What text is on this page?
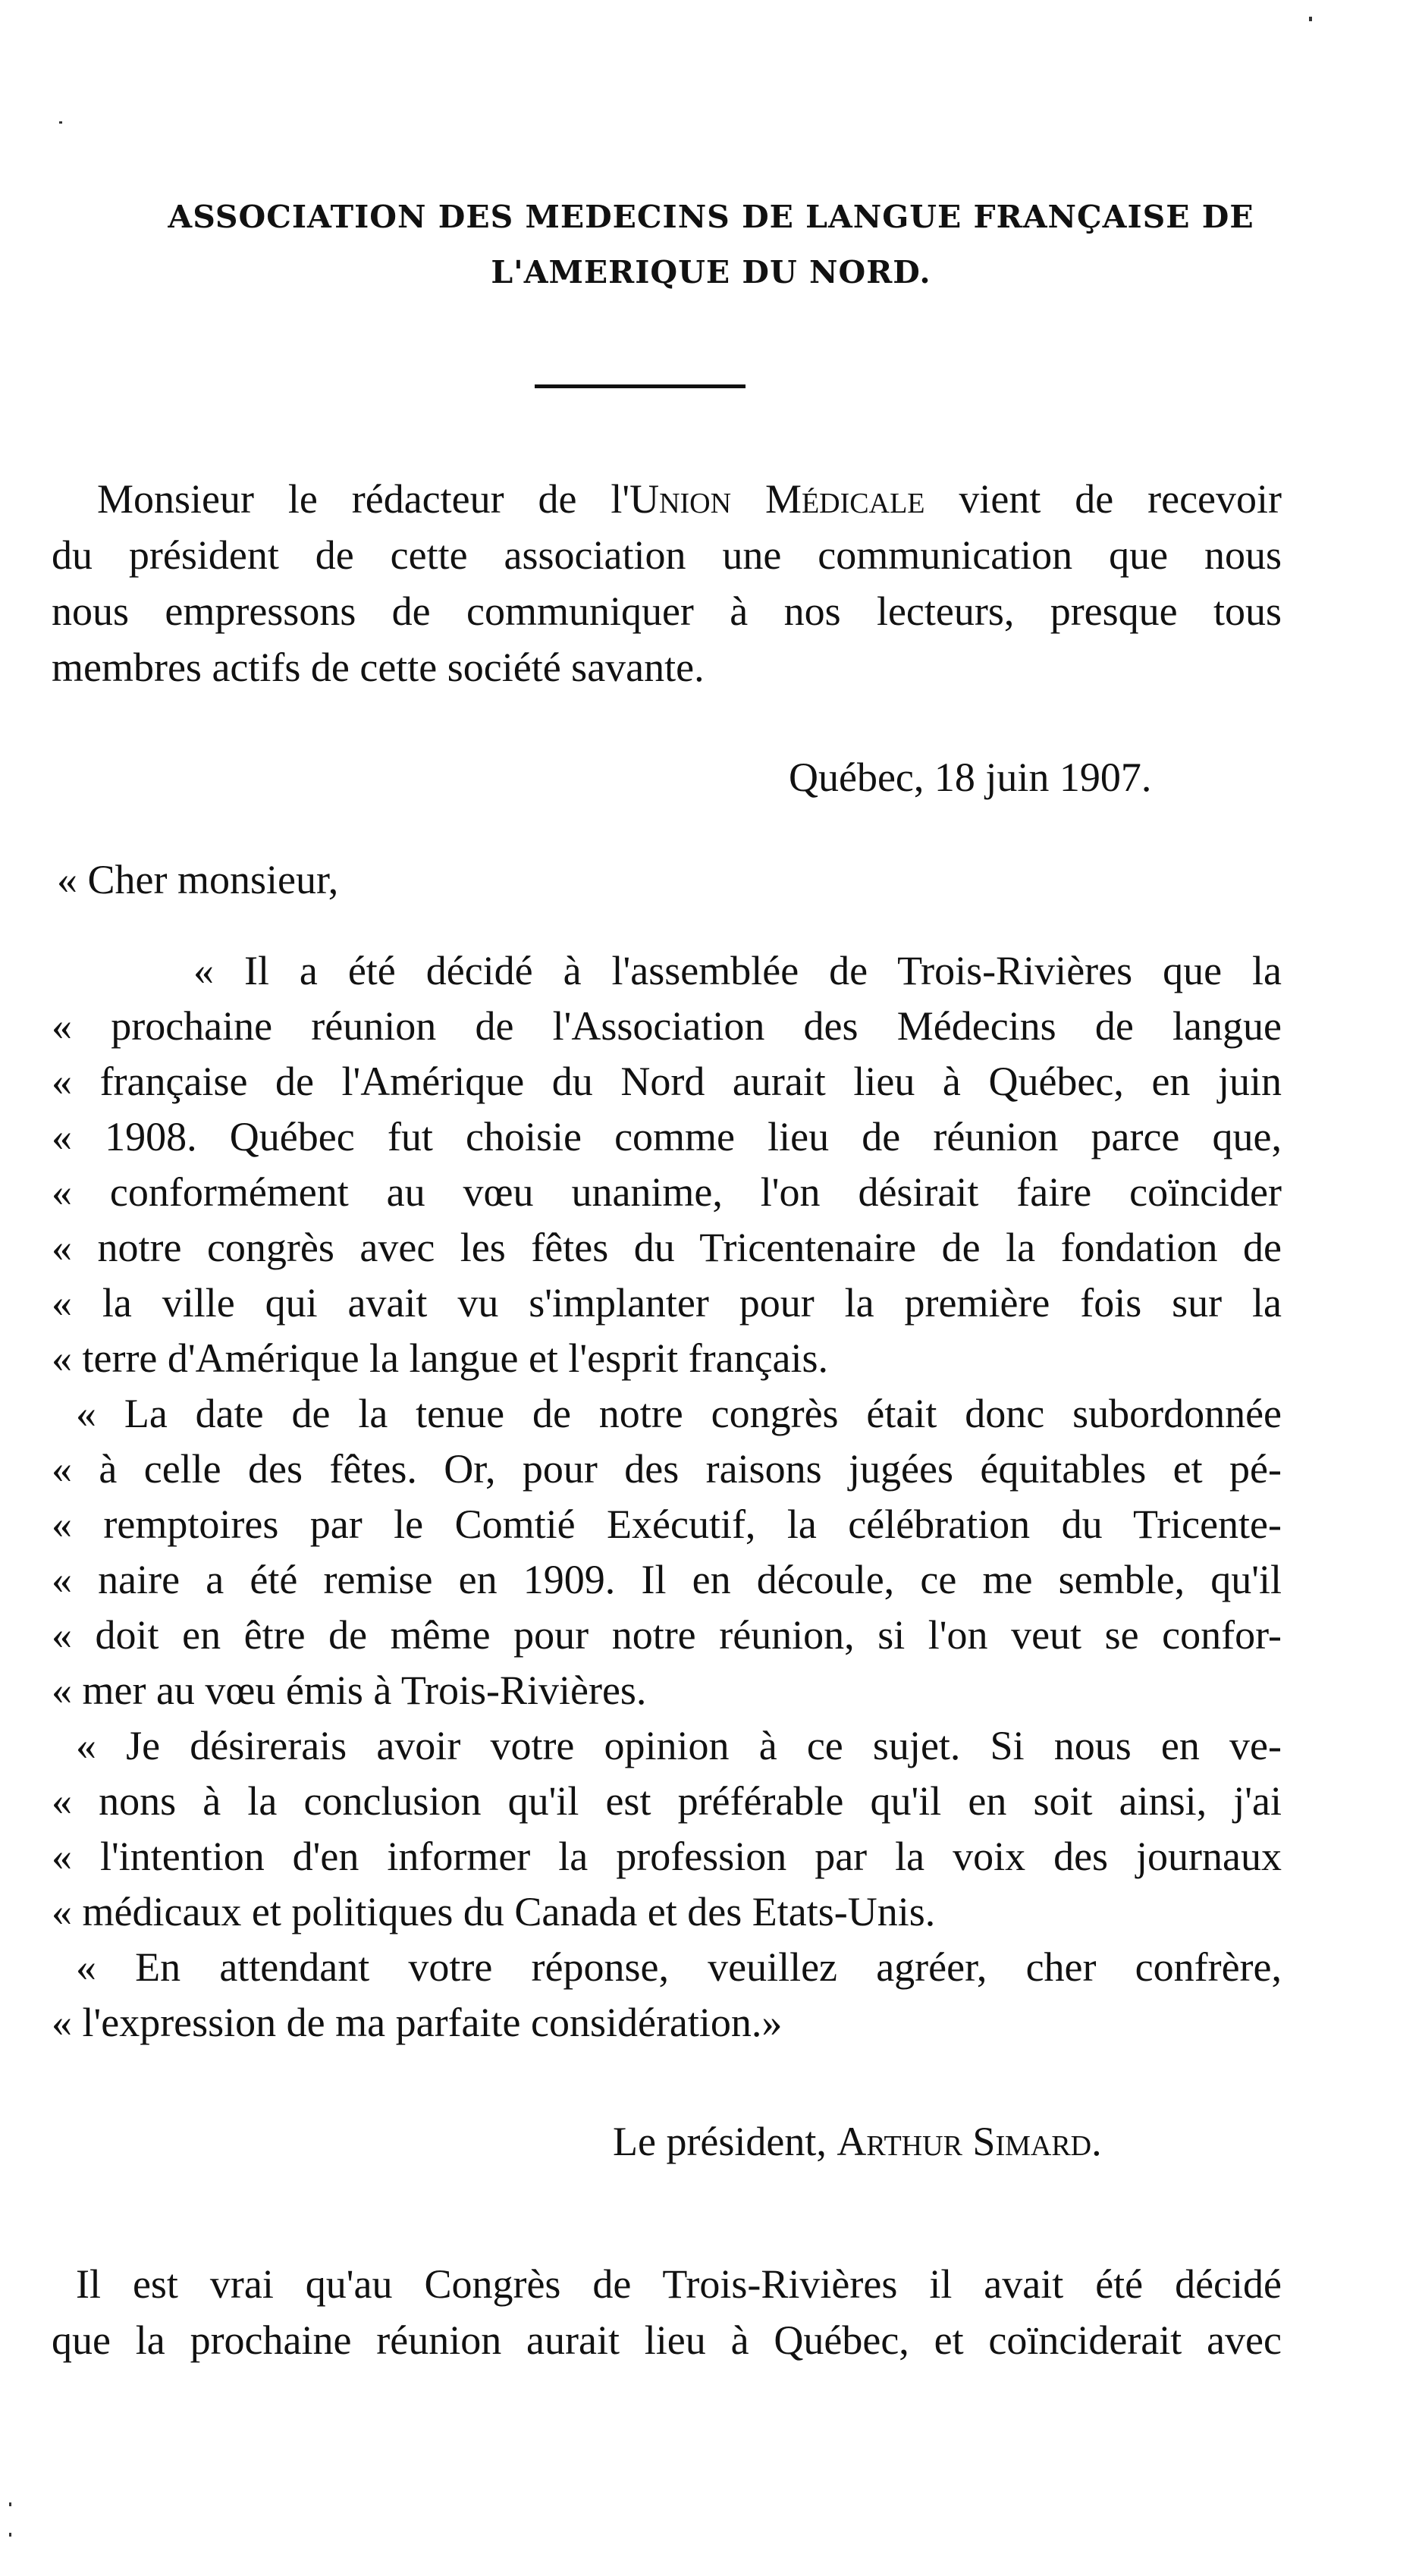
ASSOCIATION DES MEDECINS DE LANGUE FRANÇAISE DE
L'AMERIQUE DU NORD.
Monsieur le rédacteur de l'Union Médicale vient de recevoir
du président de cette association une communication que nous
nous empressons de communiquer à nos lecteurs, presque tous
membres actifs de cette société savante.
Québec, 18 juin 1907.
« Cher monsieur,
« Il a été décidé à l'assemblée de Trois-Rivières que la
« prochaine réunion de l'Association des Médecins de langue
« française de l'Amérique du Nord aurait lieu à Québec, en juin
« 1908. Québec fut choisie comme lieu de réunion parce que,
« conformément au vœu unanime, l'on désirait faire coïncider
« notre congrès avec les fêtes du Tricentenaire de la fondation de
« la ville qui avait vu s'implanter pour la première fois sur la
« terre d'Amérique la langue et l'esprit français.
« La date de la tenue de notre congrès était donc subordonnée
« à celle des fêtes. Or, pour des raisons jugées équitables et pé-
« remptoires par le Comtié Exécutif, la célébration du Tricente-
« naire a été remise en 1909. Il en découle, ce me semble, qu'il
« doit en être de même pour notre réunion, si l'on veut se confor-
« mer au vœu émis à Trois-Rivières.
« Je désirerais avoir votre opinion à ce sujet. Si nous en ve-
« nons à la conclusion qu'il est préférable qu'il en soit ainsi, j'ai
« l'intention d'en informer la profession par la voix des journaux
« médicaux et politiques du Canada et des Etats-Unis.
« En attendant votre réponse, veuillez agréer, cher confrère,
« l'expression de ma parfaite considération.»
Le président, Arthur Simard.
Il est vrai qu'au Congrès de Trois-Rivières il avait été décidé
que la prochaine réunion aurait lieu à Québec, et coïnciderait avec
